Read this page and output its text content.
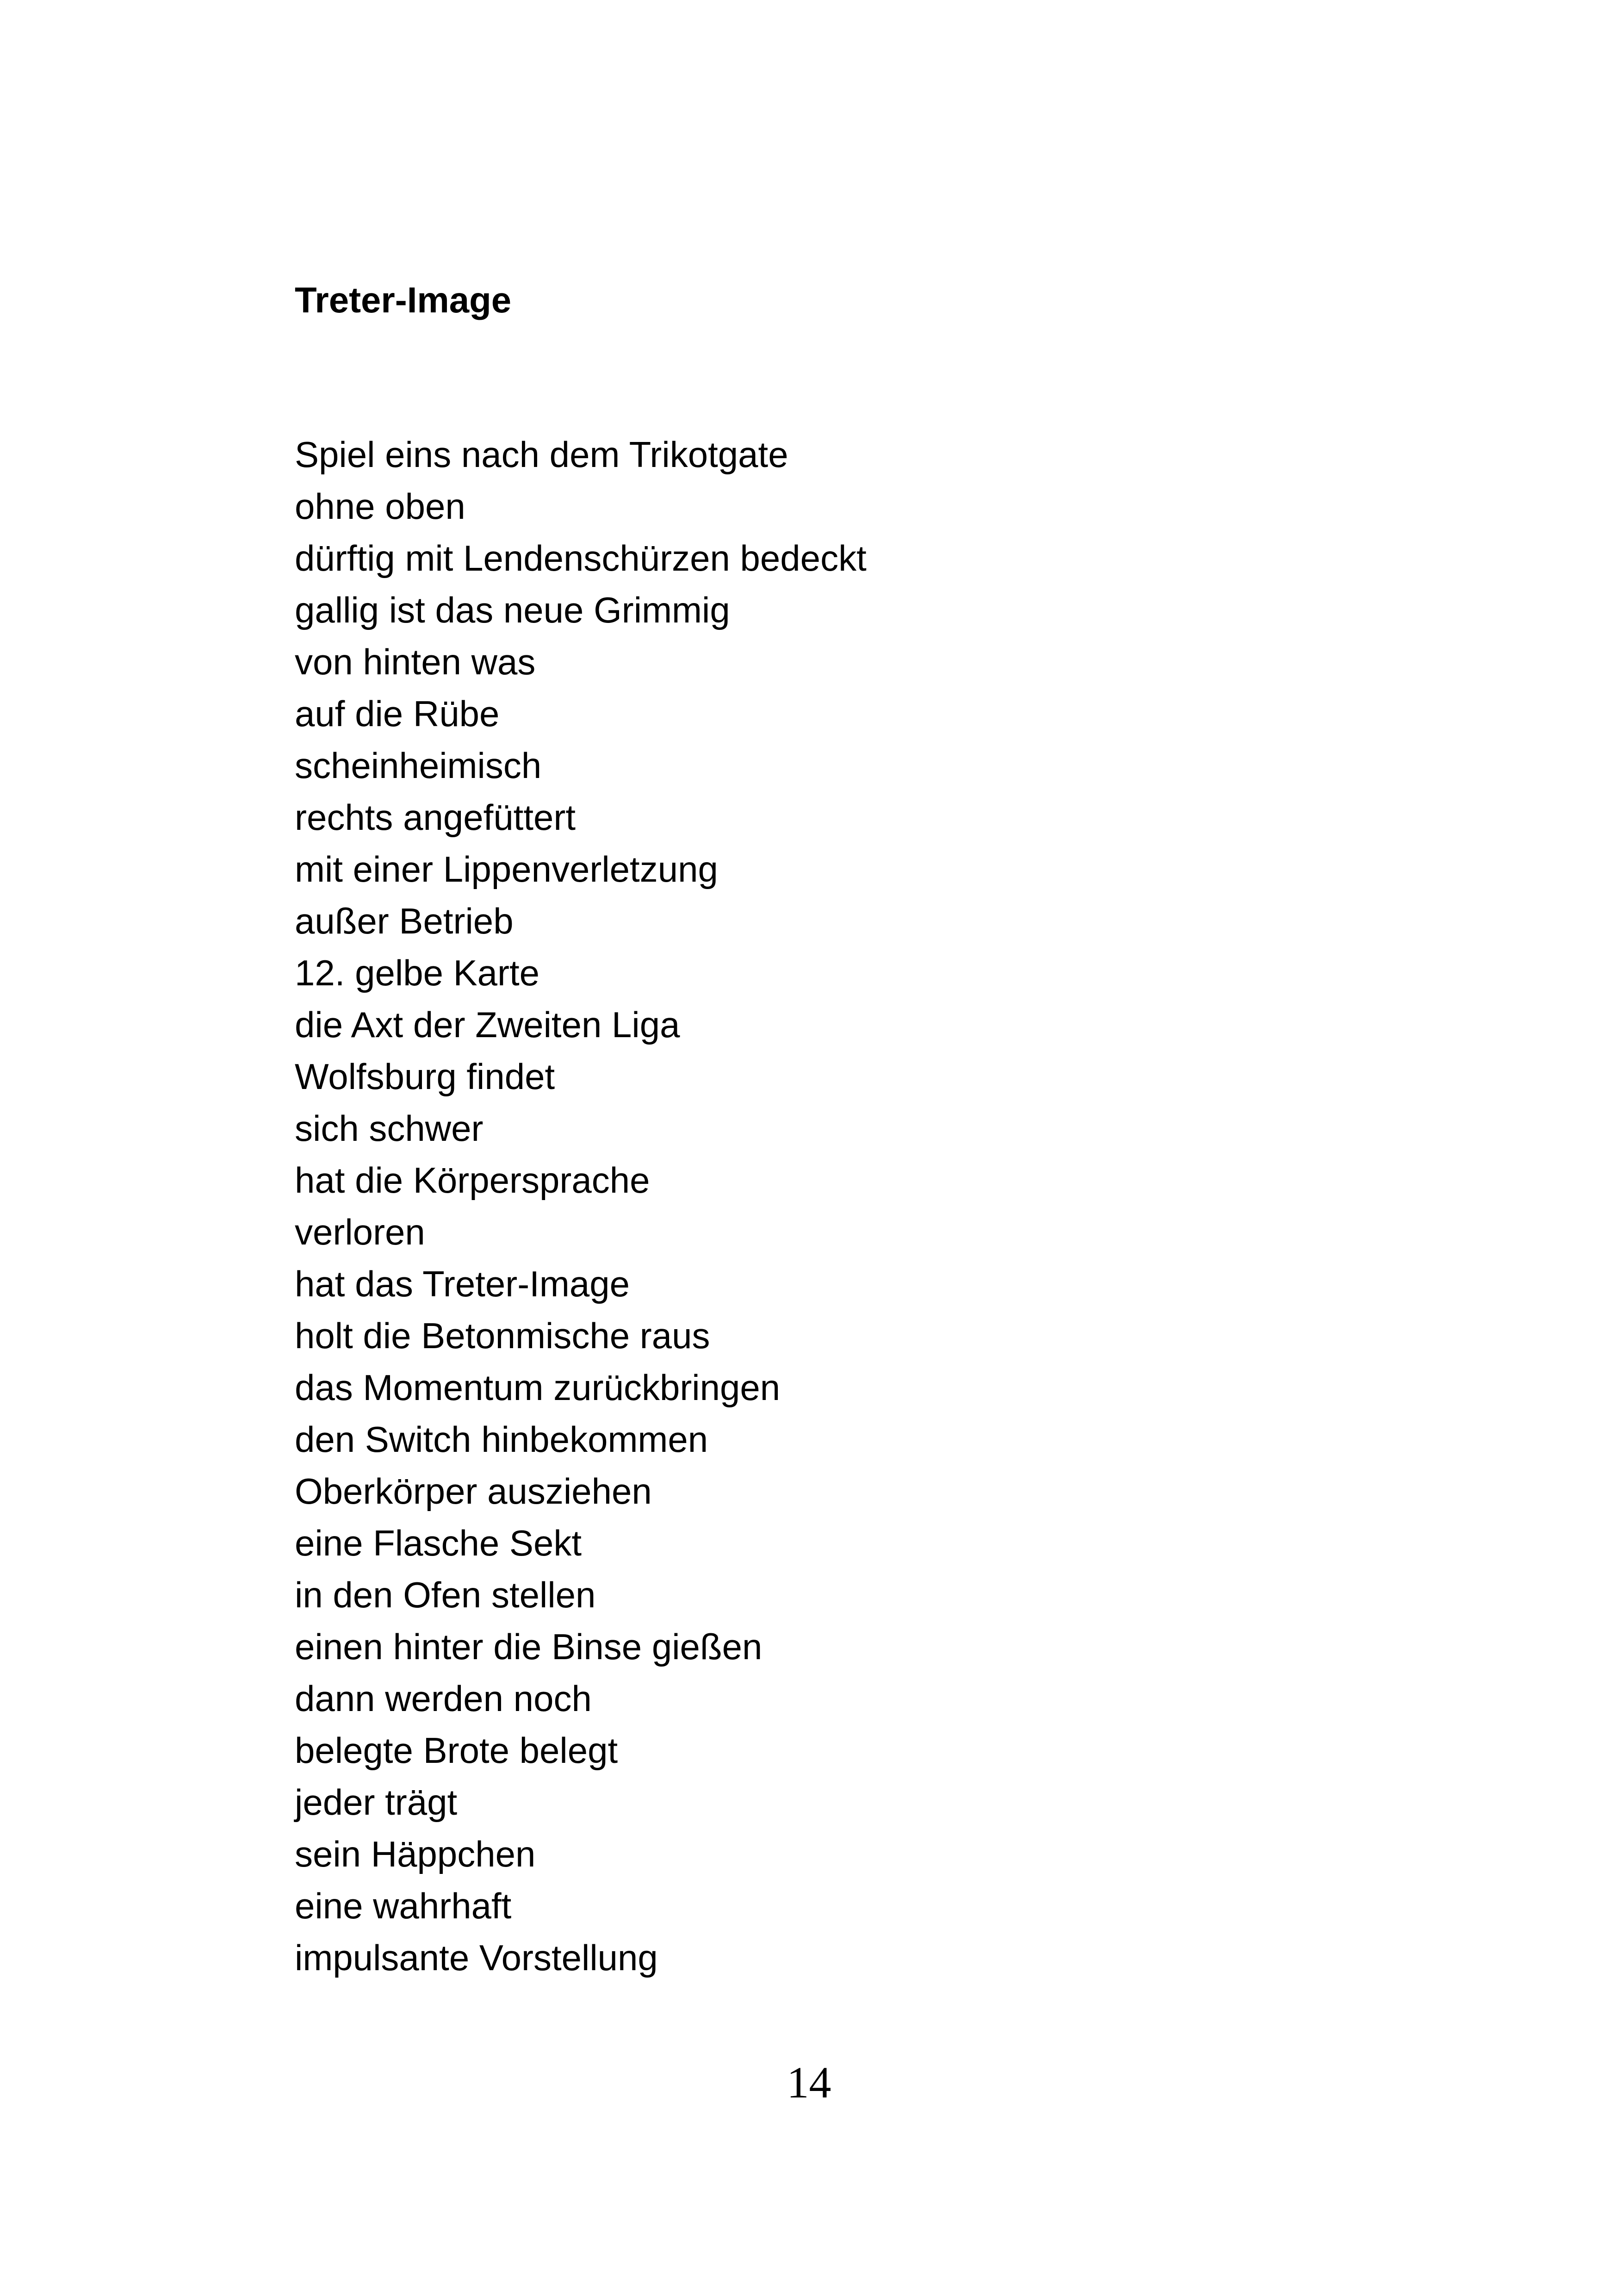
Treter-Image
Spiel eins nach dem Trikotgate
ohne oben
dürftig mit Lendenschürzen bedeckt
gallig ist das neue Grimmig
von hinten was
auf die Rübe
scheinheimisch
rechts angefüttert
mit einer Lippenverletzung
außer Betrieb
12. gelbe Karte
die Axt der Zweiten Liga
Wolfsburg findet
sich schwer
hat die Körpersprache
verloren
hat das Treter-Image
holt die Betonmische raus
das Momentum zurückbringen
den Switch hinbekommen
Oberkörper ausziehen
eine Flasche Sekt
in den Ofen stellen
einen hinter die Binse gießen
dann werden noch
belegte Brote belegt
jeder trägt
sein Häppchen
eine wahrhaft
impulsante Vorstellung
14
